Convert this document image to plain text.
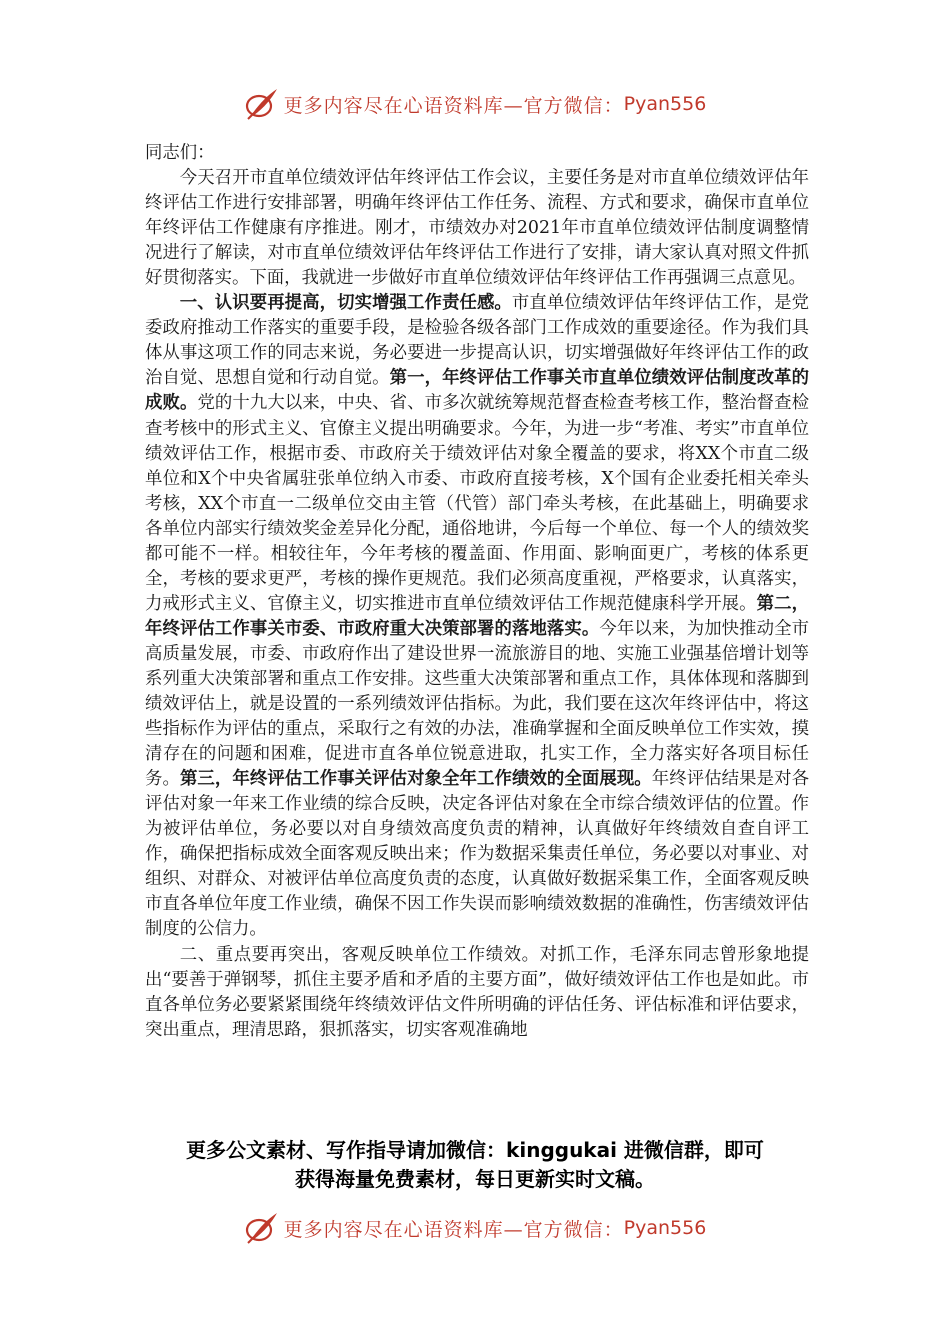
更多内容尽在心语资料库—官方微信： Pyan556

同志们：

今天召开市直单位绩效评估年终评估工作会议，主要任务是对市直单位绩效评估年终评估工作进行安排部署，明确年终评估工作任务、流程、方式和要求，确保市直单位年终评估工作健康有序推进。刚才，市绩效办对2021年市直单位绩效评估制度调整情况进行了解读，对市直单位绩效评估年终评估工作进行了安排，请大家认真对照文件抓好贯彻落实。下面，我就进一步做好市直单位绩效评估年终评估工作再强调三点意见。

一、认识要再提高，切实增强工作责任感。市直单位绩效评估年终评估工作，是党委政府推动工作落实的重要手段，是检验各级各部门工作成效的重要途径。作为我们具体从事这项工作的同志来说，务必要进一步提高认识，切实增强做好年终评估工作的政治自觉、思想自觉和行动自觉。第一，年终评估工作事关市直单位绩效评估制度改革的成败。党的十九大以来，中央、省、市多次就统筹规范督查检查考核工作，整治督查检查考核中的形式主义、官僚主义提出明确要求。今年，为进一步“考准、考实”市直单位绩效评估工作，根据市委、市政府关于绩效评估对象全覆盖的要求，将XX个市直二级单位和X个中央省属驻张单位纳入市委、市政府直接考核，X个国有企业委托相关牵头考核，XX个市直一二级单位交由主管（代管）部门牵头考核，在此基础上，明确要求各单位内部实行绩效奖金差异化分配，通俗地讲，今后每一个单位、每一个人的绩效奖都可能不一样。相较往年，今年考核的覆盖面、作用面、影响面更广，考核的体系更全，考核的要求更严，考核的操作更规范。我们必须高度重视，严格要求，认真落实，力戒形式主义、官僚主义，切实推进市直单位绩效评估工作规范健康科学开展。第二，年终评估工作事关市委、市政府重大决策部署的落地落实。今年以来，为加快推动全市高质量发展，市委、市政府作出了建设世界一流旅游目的地、实施工业强基倍增计划等系列重大决策部署和重点工作安排。这些重大决策部署和重点工作，具体体现和落脚到绩效评估上，就是设置的一系列绩效评估指标。为此，我们要在这次年终评估中，将这些指标作为评估的重点，采取行之有效的办法，准确掌握和全面反映单位工作实效，摸清存在的问题和困难，促进市直各单位锐意进取，扎实工作，全力落实好各项目标任务。第三，年终评估工作事关评估对象全年工作绩效的全面展现。年终评估结果是对各评估对象一年来工作业绩的综合反映，决定各评估对象在全市综合绩效评估的位置。作为被评估单位，务必要以对自身绩效高度负责的精神，认真做好年终绩效自查自评工作，确保把指标成效全面客观反映出来；作为数据采集责任单位，务必要以对事业、对组织、对群众、对被评估单位高度负责的态度，认真做好数据采集工作，全面客观反映市直各单位年度工作业绩，确保不因工作失误而影响绩效数据的准确性，伤害绩效评估制度的公信力。

二、重点要再突出，客观反映单位工作绩效。对抓工作，毛泽东同志曾形象地提出“要善于弹钢琴，抓住主要矛盾和矛盾的主要方面”，做好绩效评估工作也是如此。市直各单位务必要紧紧围绕年终绩效评估文件所明确的评估任务、评估标准和评估要求，突出重点，理清思路，狠抓落实，切实客观准确地

更多公文素材、写作指导请加微信：kinggukai 进微信群，即可
获得海量免费素材，每日更新实时文稿。
更多内容尽在心语资料库—官方微信： Pyan556
